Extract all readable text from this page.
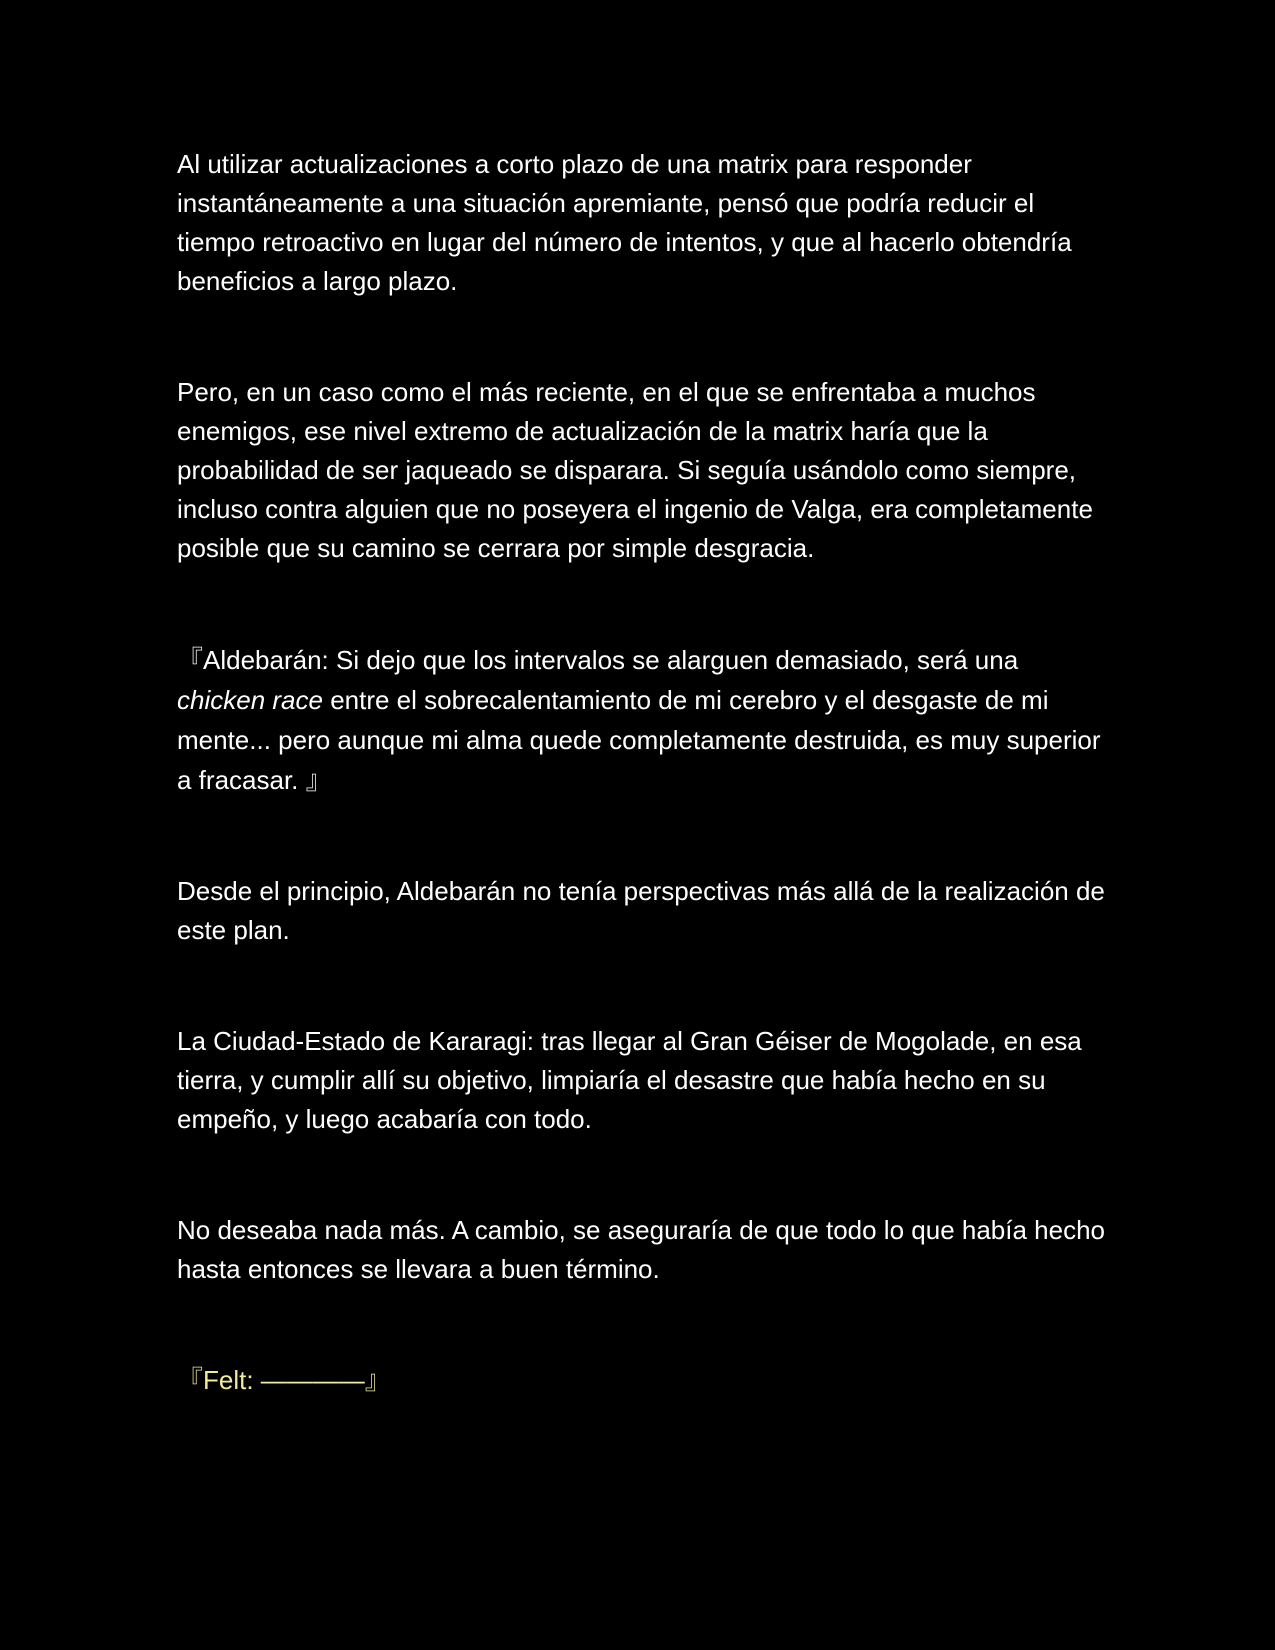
Al utilizar actualizaciones a corto plazo de una matrix para responder instantáneamente a una situación apremiante, pensó que podría reducir el tiempo retroactivo en lugar del número de intentos, y que al hacerlo obtendría beneficios a largo plazo.

Pero, en un caso como el más reciente, en el que se enfrentaba a muchos enemigos, ese nivel extremo de actualización de la matrix haría que la probabilidad de ser jaqueado se disparara. Si seguía usándolo como siempre, incluso contra alguien que no poseyera el ingenio de Valga, era completamente posible que su camino se cerrara por simple desgracia.

『Aldebarán: Si dejo que los intervalos se alarguen demasiado, será una chicken race entre el sobrecalentamiento de mi cerebro y el desgaste de mi mente... pero aunque mi alma quede completamente destruida, es muy superior a fracasar. 』

Desde el principio, Aldebarán no tenía perspectivas más allá de la realización de este plan.

La Ciudad-Estado de Kararagi: tras llegar al Gran Géiser de Mogolade, en esa tierra, y cumplir allí su objetivo, limpiaría el desastre que había hecho en su empeño, y luego acabaría con todo.

No deseaba nada más. A cambio, se aseguraría de que todo lo que había hecho hasta entonces se llevara a buen término.

『Felt: ————』
